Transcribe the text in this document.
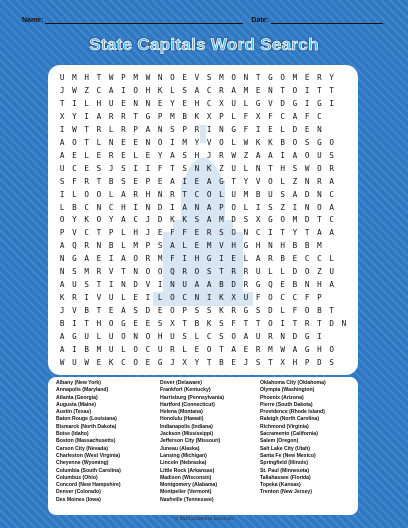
Name:	Date:
State Capitals Word Search
U	M	H	T	W	P	M	W	N	O	E	V	S	M	O	N	T	G	O	M	E	R	Y
J	W	Z	C	A	I	O	H	K	L	S	A	C	R	A	M	E	N	T	O	I	T	T
T	I	L	H	U	E	N	N	E	Y	E	H	C	X	U	L	G	V	D	G	I	G	I
X	Y	I	A	R	R	T	G	P	M	B	K	X	P	L	F	X	F	C	A	F	C
I	W	T	R	L	R	P	A	N	S	P	R	I	N	G	F	I	E	L	D	E	N
A	O	T	L	N	E	E	N	O	I	M	Y	V	O	L	W	K	K	B	O	S	G	O
A	E	L	E	R	E	L	E	Y	A	S	H	J	R	W	Z	A	A	I	A	O	U	S
U	C	E	S	J	S	I	I	F	T	S	N	K	Z	U	L	N	T	H	S	W	O	R
S	F	R	T	B	S	E	P	E	A	I	E	A	G	T	Y	V	O	L	Z	N	R	A
I	L	O	O	L	A	R	H	N	R	T	C	O	L	U	M	B	U	S	A	D	N	C
L	B	C	N	C	H	I	N	D	I	A	N	A	P	O	L	I	S	Z	I	N	O	A
O	Y	K	O	Y	A	C	J	D	K	K	S	A	M	D	S	X	G	O	M	D	T	C
P	V	C	T	P	L	H	J	E	F	F	E	R	S	O	N	C	I	T	Y	T	A	A
A	Q	R	N	B	L	M	P	S	A	L	E	M	V	H	G	H	N	H	B	B	M
N	G	A	E	I	A	O	R	M	F	I	H	G	I	E	L	A	R	B	E	C	C	L
N	S	M	R	V	T	N	O	O	Q	R	O	S	T	R	R	U	L	L	D	O	Z	U
A	U	S	T	I	N	D	V	I	N	U	A	A	B	D	R	G	Q	E	B	N	H	A
K	R	I	V	U	L	E	I	L	O	C	N	I	K	X	U	F	O	C	C	F	P
J	V	B	T	E	A	S	D	E	O	P	S	S	K	R	G	S	D	L	F	O	B	T
B	I	T	H	O	G	E	E	S	X	T	B	K	S	F	T	T	O	I	T	R	T	D	N
A	G	U	L	U	O	N	O	H	U	S	L	C	S	O	A	U	R	N	D	G	I
A	I	B	M	U	L	O	C	U	R	L	E	O	T	A	E	R	M	W	A	G	H	O
W	U	W	E	K	C	O	E	G	J	X	Y	T	B	E	J	S	T	X	H	P	D	S
Albany (New York)
Annapolis (Maryland)
Atlanta (Georgia)
Augusta (Maine)
Austin (Texas)
Baton Rouge (Louisiana)
Bismarck (North Dakota)
Boise (Idaho)
Boston (Massachusetts)
Carson City (Nevada)
Charleston (West Virginia)
Cheyenne (Wyoming)
Columbia (South Carolina)
Columbus (Ohio)
Concord (New Hampshire)
Denver (Colorado)
Des Moines (Iowa)
Dover (Delaware)
Frankfort (Kentucky)
Harrisburg (Pennsylvania)
Hartford (Connecticut)
Helena (Montana)
Honolulu (Hawaii)
Indianapolis (Indiana)
Jackson (Mississippi)
Jefferson City (Missouri)
Juneau (Alaska)
Lansing (Michigan)
Lincoln (Nebraska)
Little Rock (Arkansas)
Madison (Wisconsin)
Montgomery (Alabama)
Montpelier (Vermont)
Nashville (Tennessee)
Oklahoma City (Oklahoma)
Olympia (Washington)
Phoenix (Arizona)
Pierre (South Dakota)
Providence (Rhode Island)
Raleigh (North Carolina)
Richmond (Virginia)
Sacramento (California)
Salem (Oregon)
Salt Lake City (Utah)
Santa Fe (New Mexico)
Springfield (Illinois)
St. Paul (Minnesota)
Tallahassee (Florida)
Topeka (Kansas)
Trenton (New Jersey)
© 2021 puzzles-to-print.com
